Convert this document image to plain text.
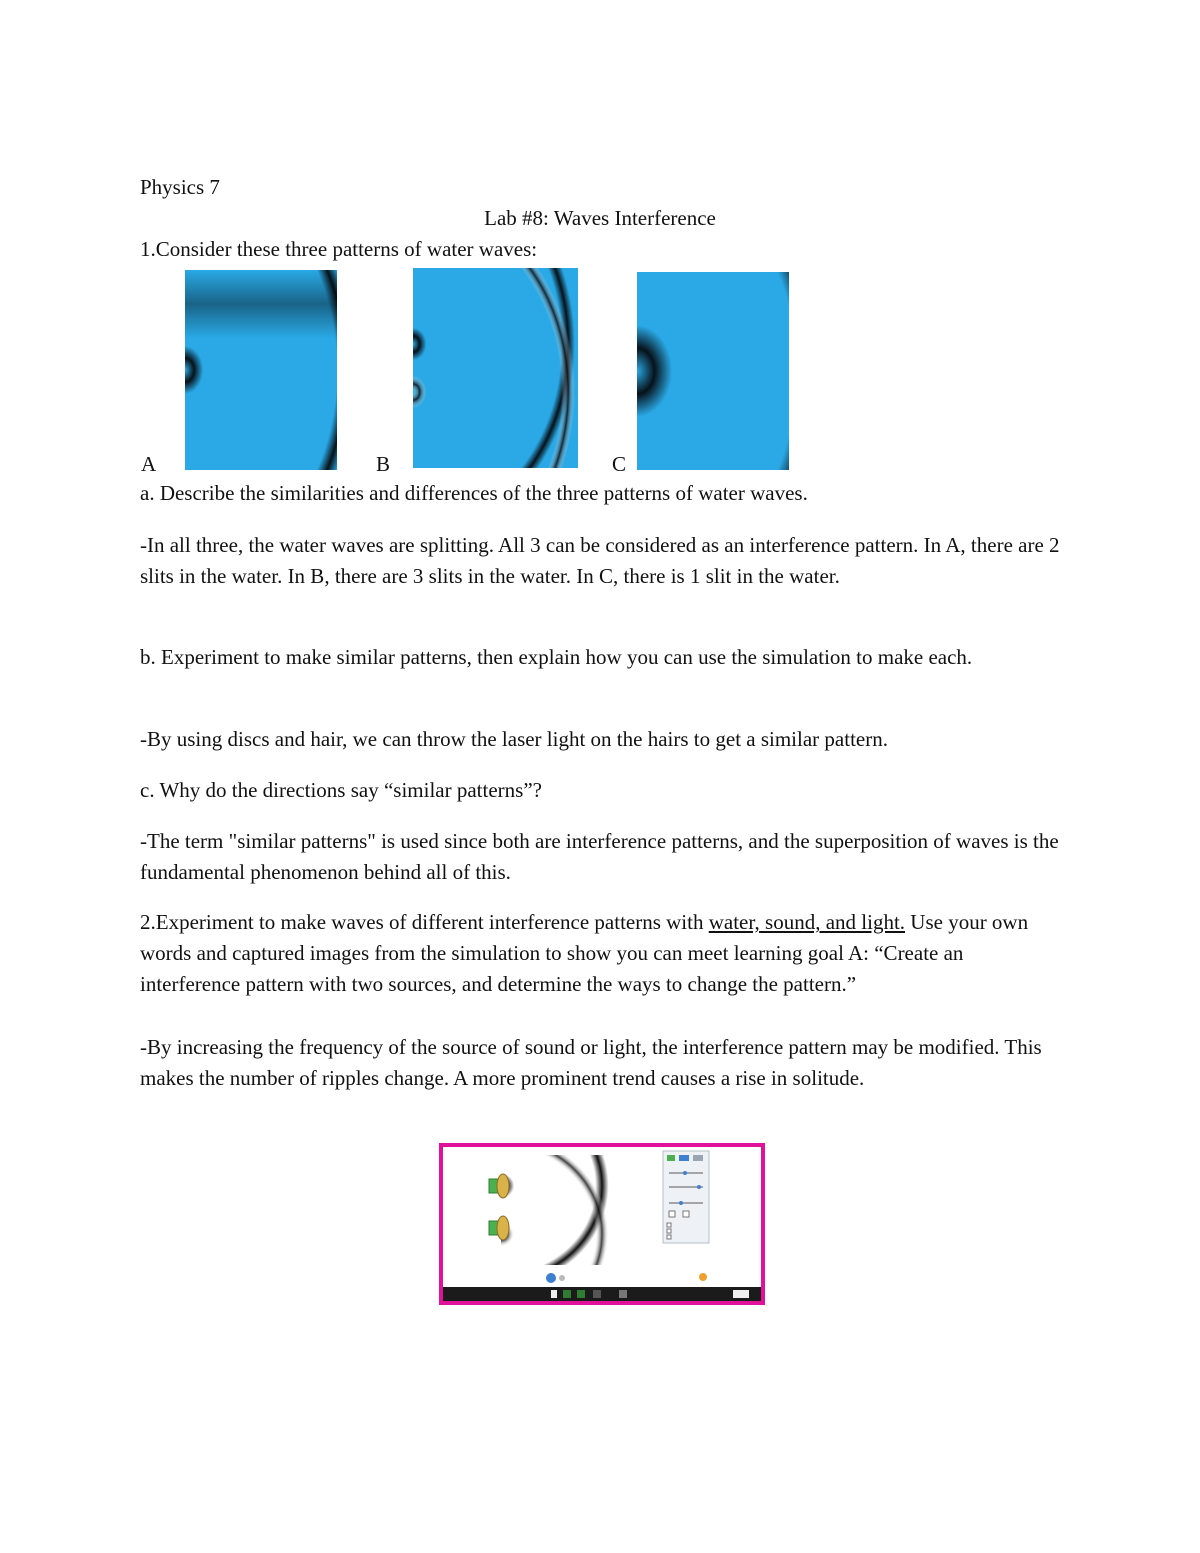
Physics 7
Lab #8: Waves Interference

1.Consider these three patterns of water waves:

A	B	C

a. Describe the similarities and differences of the three patterns of water waves.

-In all three, the water waves are splitting. All 3 can be considered as an interference pattern. In A, there are 2 slits in the water. In B, there are 3 slits in the water. In C, there is 1 slit in the water.

b. Experiment to make similar patterns, then explain how you can use the simulation to make each.

-By using discs and hair, we can throw the laser light on the hairs to get a similar pattern.

c. Why do the directions say “similar patterns”?

-The term "similar patterns" is used since both are interference patterns, and the superposition of waves is the fundamental phenomenon behind all of this.

2.Experiment to make waves of different interference patterns with water, sound, and light. Use your own words and captured images from the simulation to show you can meet learning goal A: “Create an interference pattern with two sources, and determine the ways to change the pattern.”

-By increasing the frequency of the source of sound or light, the interference pattern may be modified. This makes the number of ripples change. A more prominent trend causes a rise in solitude.
